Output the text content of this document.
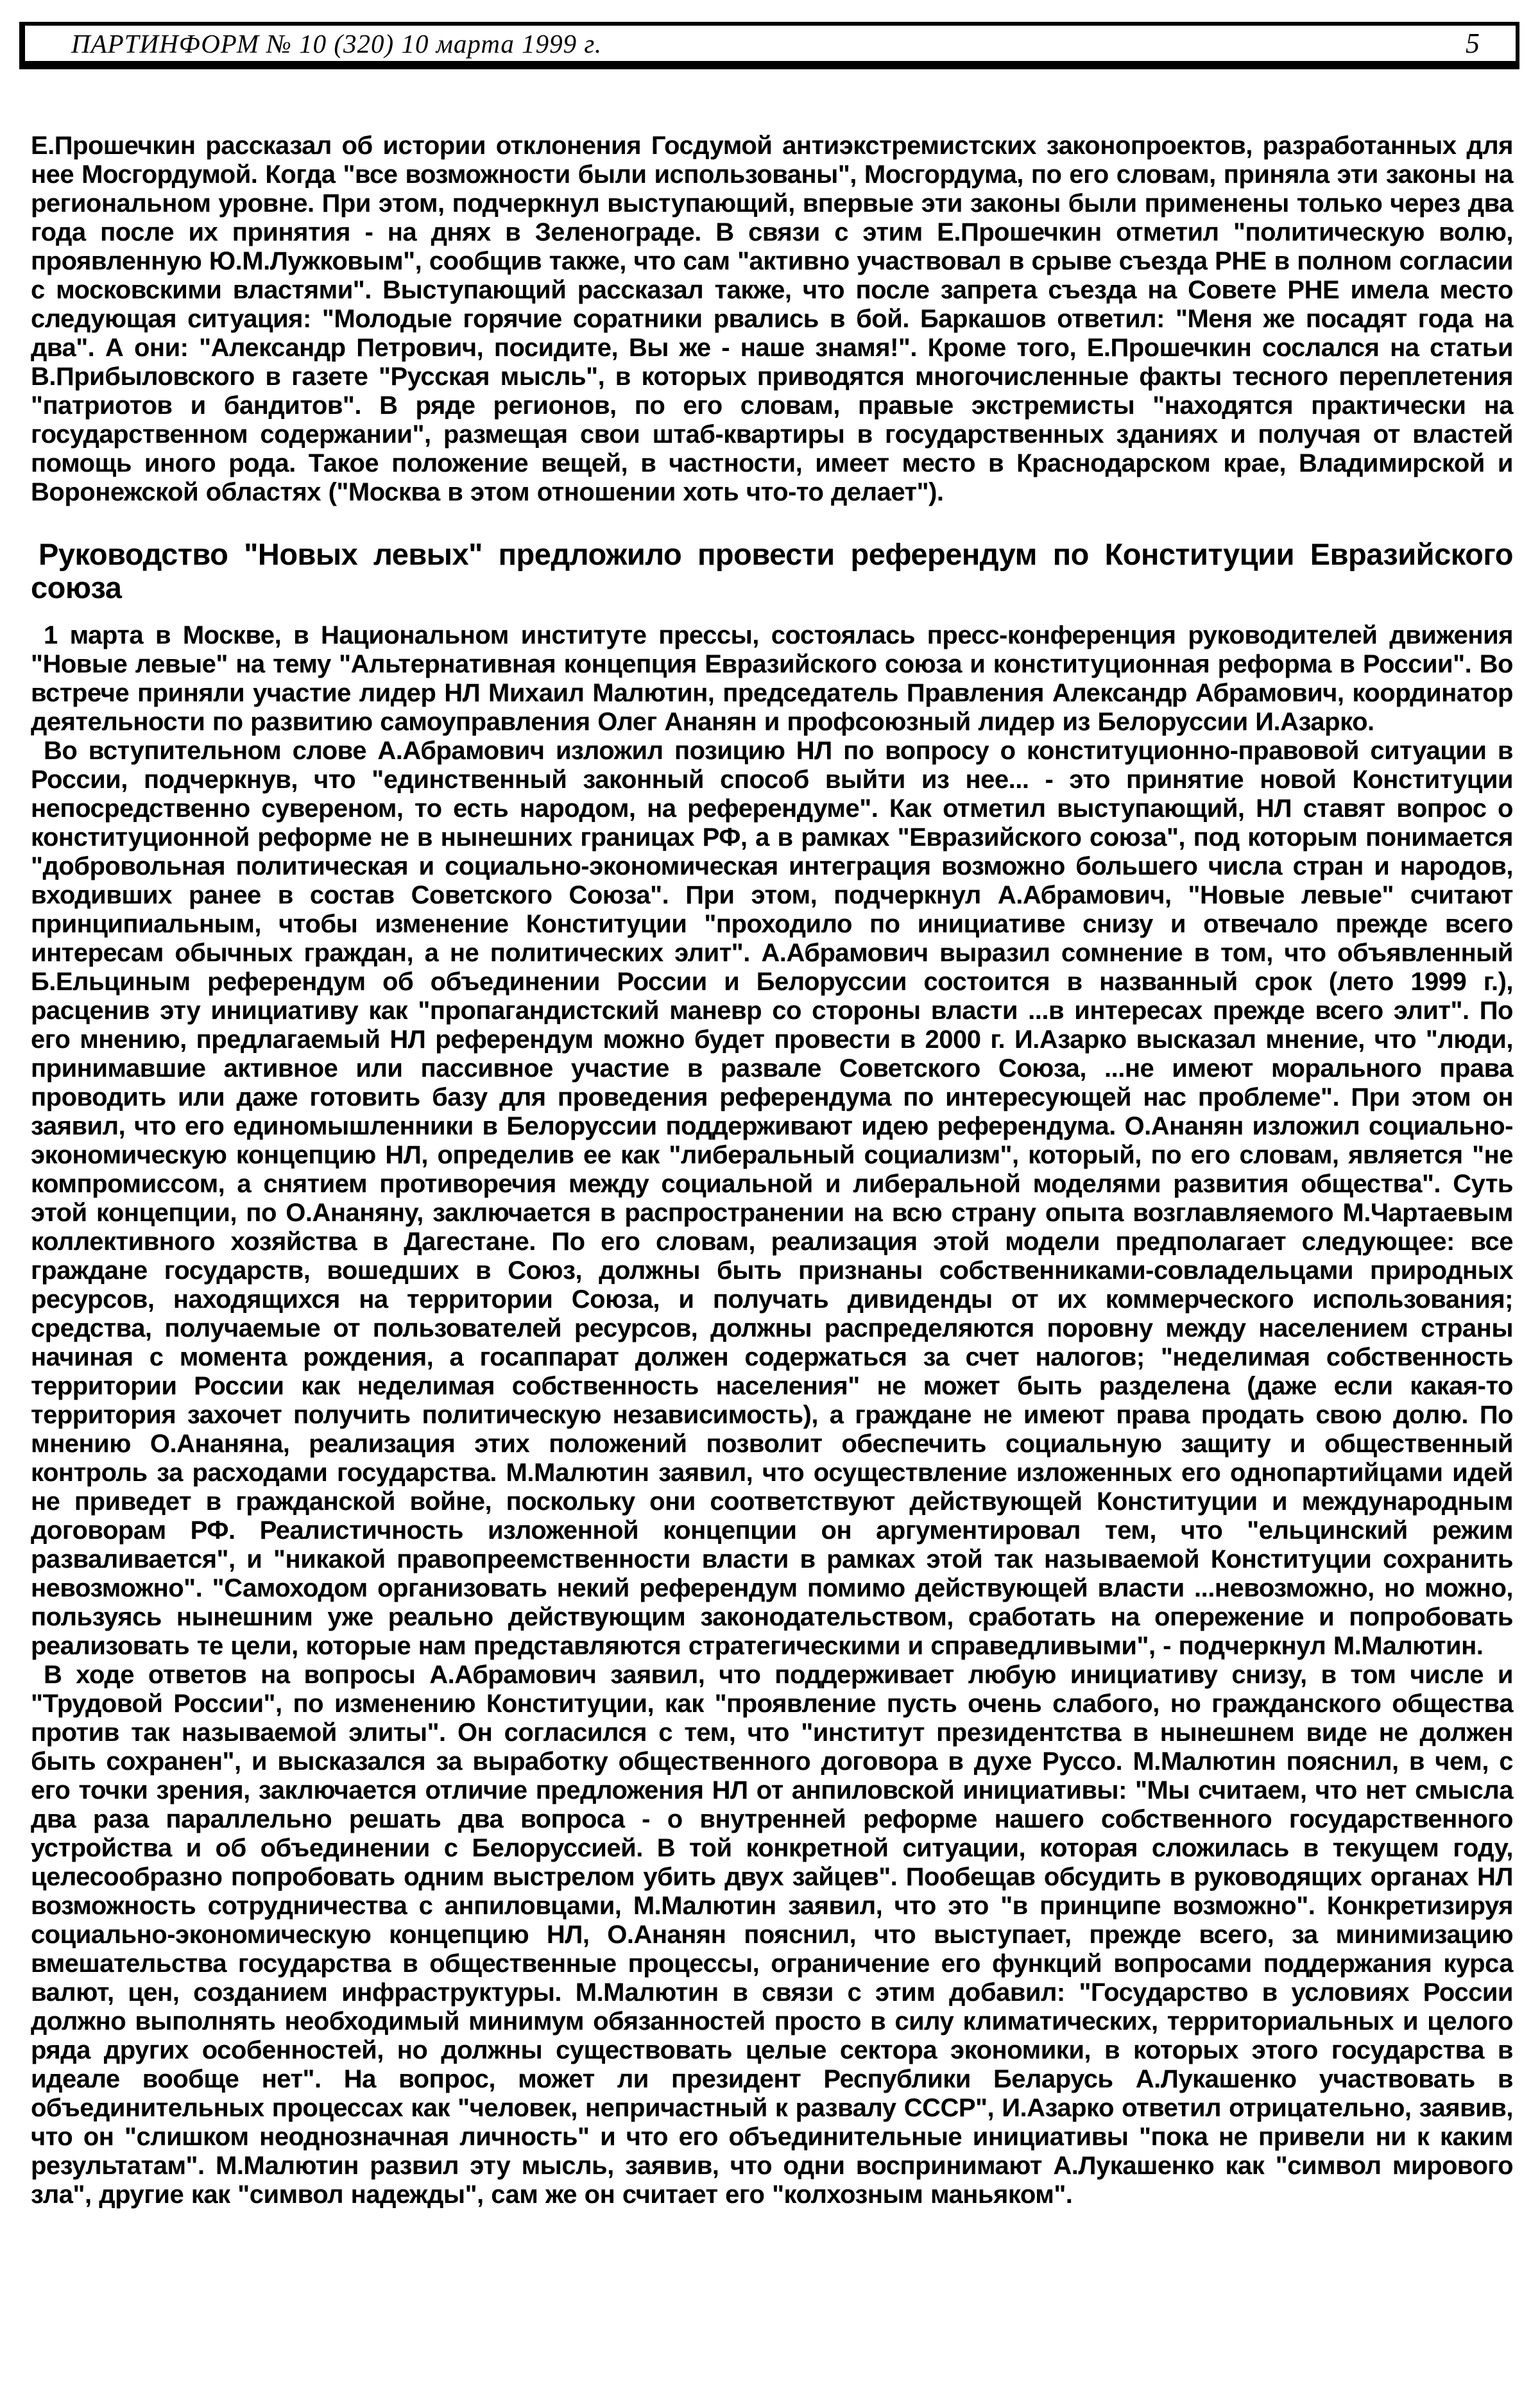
ПАРТИНФОРМ № 10 (320) 10 марта 1999 г.	5

Е.Прошечкин рассказал об истории отклонения Госдумой антиэкстремистских законопроектов, разработанных для нее Мосгордумой. Когда "все возможности были использованы", Мосгордума, по его словам, приняла эти законы на региональном уровне. При этом, подчеркнул выступающий, впервые эти законы были применены только через два года после их принятия - на днях в Зеленограде. В связи с этим Е.Прошечкин отметил "политическую волю, проявленную Ю.М.Лужковым", сообщив также, что сам "активно участвовал в срыве съезда РНЕ в полном согласии с московскими властями". Выступающий рассказал также, что после запрета съезда на Совете РНЕ имела место следующая ситуация: "Молодые горячие соратники рвались в бой. Баркашов ответил: "Меня же посадят года на два". А они: "Александр Петрович, посидите, Вы же - наше знамя!". Кроме того, Е.Прошечкин сослался на статьи В.Прибыловского в газете "Русская мысль", в которых приводятся многочисленные факты тесного переплетения "патриотов и бандитов". В ряде регионов, по его словам, правые экстремисты "находятся практически на государственном содержании", размещая свои штаб-квартиры в государственных зданиях и получая от властей помощь иного рода. Такое положение вещей, в частности, имеет место в Краснодарском крае, Владимирской и Воронежской областях ("Москва в этом отношении хоть что-то делает").

Руководство "Новых левых" предложило провести референдум по Конституции Евразийского союза

1 марта в Москве, в Национальном институте прессы, состоялась пресс-конференция руководителей движения "Новые левые" на тему "Альтернативная концепция Евразийского союза и конституционная реформа в России". Во встрече приняли участие лидер НЛ Михаил Малютин, председатель Правления Александр Абрамович, координатор деятельности по развитию самоуправления Олег Ананян и профсоюзный лидер из Белоруссии И.Азарко.

Во вступительном слове А.Абрамович изложил позицию НЛ по вопросу о конституционно-правовой ситуации в России, подчеркнув, что "единственный законный способ выйти из нее... - это принятие новой Конституции непосредственно сувереном, то есть народом, на референдуме". Как отметил выступающий, НЛ ставят вопрос о конституционной реформе не в нынешних границах РФ, а в рамках "Евразийского союза", под которым понимается "добровольная политическая и социально-экономическая интеграция возможно большего числа стран и народов, входивших ранее в состав Советского Союза". При этом, подчеркнул А.Абрамович, "Новые левые" считают принципиальным, чтобы изменение Конституции "проходило по инициативе снизу и отвечало прежде всего интересам обычных граждан, а не политических элит". А.Абрамович выразил сомнение в том, что объявленный Б.Ельциным референдум об объединении России и Белоруссии состоится в названный срок (лето 1999 г.), расценив эту инициативу как "пропагандистский маневр со стороны власти ...в интересах прежде всего элит". По его мнению, предлагаемый НЛ референдум можно будет провести в 2000 г. И.Азарко высказал мнение, что "люди, принимавшие активное или пассивное участие в развале Советского Союза, ...не имеют морального права проводить или даже готовить базу для проведения референдума по интересующей нас проблеме". При этом он заявил, что его единомышленники в Белоруссии поддерживают идею референдума. О.Ананян изложил социально-экономическую концепцию НЛ, определив ее как "либеральный социализм", который, по его словам, является "не компромиссом, а снятием противоречия между социальной и либеральной моделями развития общества". Суть этой концепции, по О.Ананяну, заключается в распространении на всю страну опыта возглавляемого М.Чартаевым коллективного хозяйства в Дагестане. По его словам, реализация этой модели предполагает следующее: все граждане государств, вошедших в Союз, должны быть признаны собственниками-совладельцами природных ресурсов, находящихся на территории Союза, и получать дивиденды от их коммерческого использования; средства, получаемые от пользователей ресурсов, должны распределяются поровну между населением страны начиная с момента рождения, а госаппарат должен содержаться за счет налогов; "неделимая собственность территории России как неделимая собственность населения" не может быть разделена (даже если какая-то территория захочет получить политическую независимость), а граждане не имеют права продать свою долю. По мнению О.Ананяна, реализация этих положений позволит обеспечить социальную защиту и общественный контроль за расходами государства. М.Малютин заявил, что осуществление изложенных его однопартийцами идей не приведет в гражданской войне, поскольку они соответствуют действующей Конституции и международным договорам РФ. Реалистичность изложенной концепции он аргументировал тем, что "ельцинский режим разваливается", и "никакой правопреемственности власти в рамках этой так называемой Конституции сохранить невозможно". "Самоходом организовать некий референдум помимо действующей власти ...невозможно, но можно, пользуясь нынешним уже реально действующим законодательством, сработать на опережение и попробовать реализовать те цели, которые нам представляются стратегическими и справедливыми", - подчеркнул М.Малютин.

В ходе ответов на вопросы А.Абрамович заявил, что поддерживает любую инициативу снизу, в том числе и "Трудовой России", по изменению Конституции, как "проявление пусть очень слабого, но гражданского общества против так называемой элиты". Он согласился с тем, что "институт президентства в нынешнем виде не должен быть сохранен", и высказался за выработку общественного договора в духе Руссо. М.Малютин пояснил, в чем, с его точки зрения, заключается отличие предложения НЛ от анпиловской инициативы: "Мы считаем, что нет смысла два раза параллельно решать два вопроса - о внутренней реформе нашего собственного государственного устройства и об объединении с Белоруссией. В той конкретной ситуации, которая сложилась в текущем году, целесообразно попробовать одним выстрелом убить двух зайцев". Пообещав обсудить в руководящих органах НЛ возможность сотрудничества с анпиловцами, М.Малютин заявил, что это "в принципе возможно". Конкретизируя социально-экономическую концепцию НЛ, О.Ананян пояснил, что выступает, прежде всего, за минимизацию вмешательства государства в общественные процессы, ограничение его функций вопросами поддержания курса валют, цен, созданием инфраструктуры. М.Малютин в связи с этим добавил: "Государство в условиях России должно выполнять необходимый минимум обязанностей просто в силу климатических, территориальных и целого ряда других особенностей, но должны существовать целые сектора экономики, в которых этого государства в идеале вообще нет". На вопрос, может ли президент Республики Беларусь А.Лукашенко участвовать в объединительных процессах как "человек, непричастный к развалу СССР", И.Азарко ответил отрицательно, заявив, что он "слишком неоднозначная личность" и что его объединительные инициативы "пока не привели ни к каким результатам". М.Малютин развил эту мысль, заявив, что одни воспринимают А.Лукашенко как "символ мирового зла", другие как "символ надежды", сам же он считает его "колхозным маньяком".
